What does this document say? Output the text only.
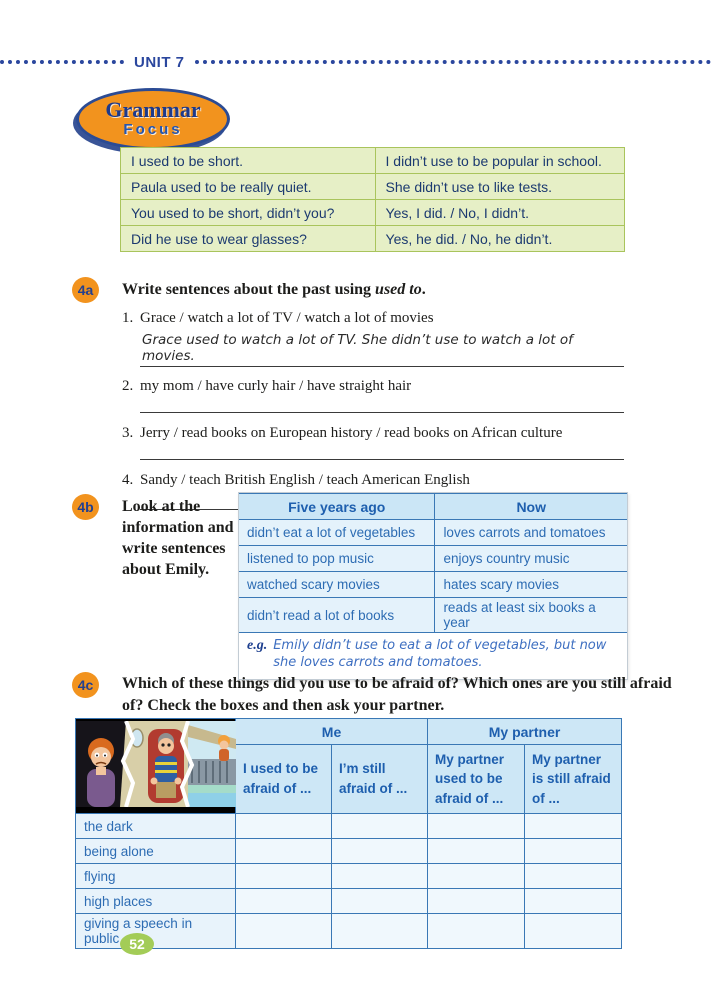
UNIT 7
Grammar
Focus
I used to be short.	I didn’t use to be popular in school.
Paula used to be really quiet.	She didn’t use to like tests.
You used to be short, didn’t you?	Yes, I did. / No, I didn’t.
Did he use to wear glasses?	Yes, he did. / No, he didn’t.
4a	Write sentences about the past using used to.
1. Grace / watch a lot of TV / watch a lot of movies
Grace used to watch a lot of TV. She didn’t use to watch a lot of movies.
2. my mom / have curly hair / have straight hair
3. Jerry / read books on European history / read books on African culture
4. Sandy / teach British English / teach American English
4b	Look at the information and write sentences about Emily.
Five years ago	Now
didn’t eat a lot of vegetables	loves carrots and tomatoes
listened to pop music	enjoys country music
watched scary movies	hates scary movies
didn’t read a lot of books	reads at least six books a year
e.g. Emily didn’t use to eat a lot of vegetables, but now she loves carrots and tomatoes.
4c	Which of these things did you use to be afraid of? Which ones are you still afraid of? Check the boxes and then ask your partner.
	Me		My partner	
	I used to be afraid of ...	I’m still afraid of ...	My partner used to be afraid of ...	My partner is still afraid of ...
the dark				
being alone				
flying				
high places				
giving a speech in public				52
